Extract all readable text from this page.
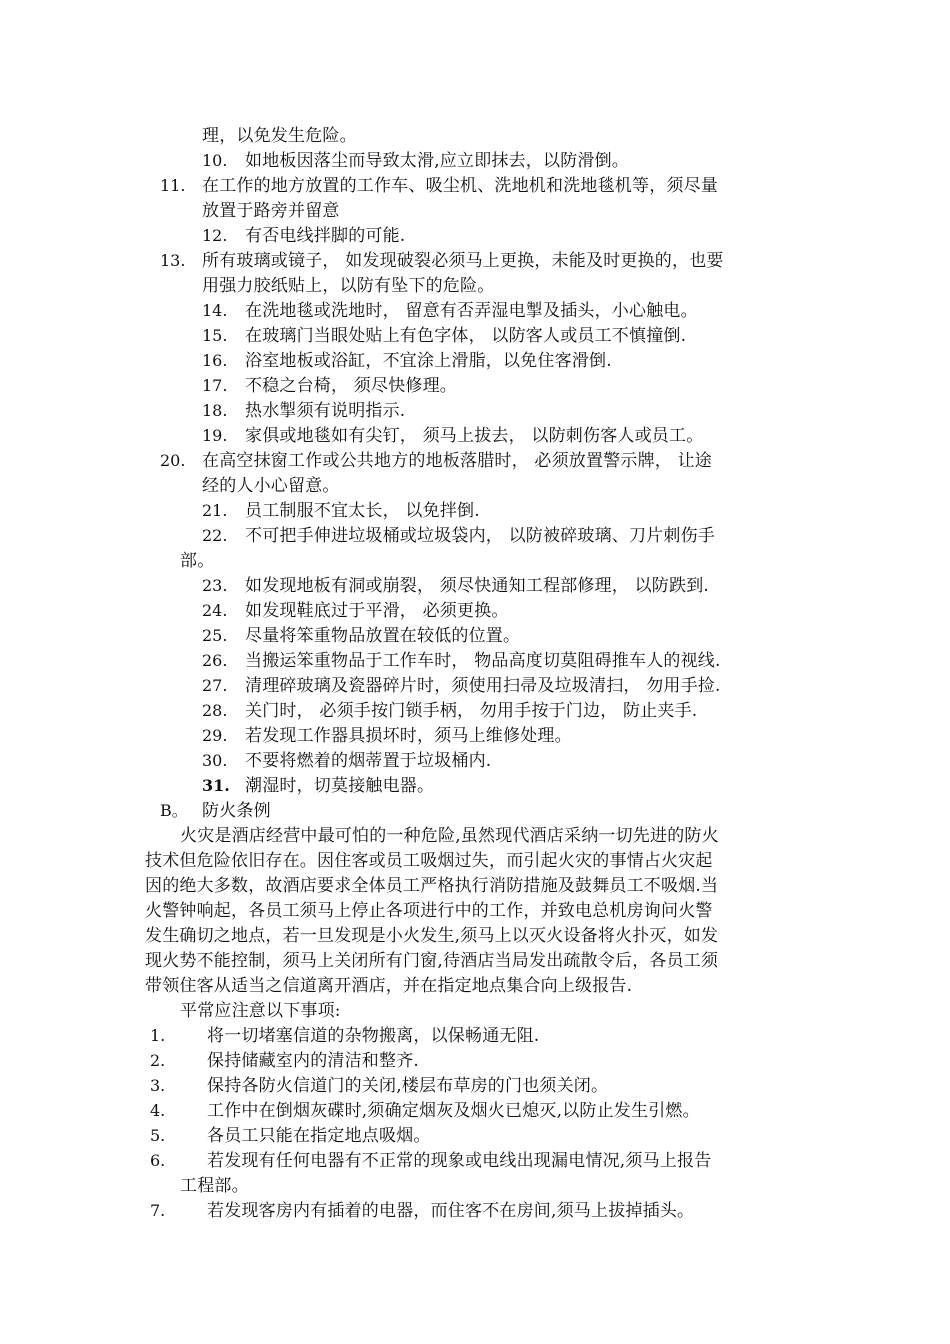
理，以免发生危险。
10. 如地板因落尘而导致太滑,应立即抹去，以防滑倒。
11. 在工作的地方放置的工作车、吸尘机、洗地机和洗地毯机等，须尽量
放置于路旁并留意
12. 有否电线拌脚的可能.
13. 所有玻璃或镜子， 如发现破裂必须马上更换，未能及时更换的，也要
用强力胶纸贴上，以防有坠下的危险。
14. 在洗地毯或洗地时， 留意有否弄湿电掣及插头，小心触电。
15. 在玻璃门当眼处贴上有色字体， 以防客人或员工不慎撞倒.
16. 浴室地板或浴缸，不宜涂上滑脂，以免住客滑倒.
17. 不稳之台椅， 须尽快修理。
18. 热水掣须有说明指示.
19. 家俱或地毯如有尖钉， 须马上拔去， 以防刺伤客人或员工。
20. 在高空抹窗工作或公共地方的地板落腊时， 必须放置警示牌， 让途
经的人小心留意。
21. 员工制服不宜太长， 以免拌倒.
22. 不可把手伸进垃圾桶或垃圾袋内， 以防被碎玻璃、刀片刺伤手
部。
23. 如发现地板有洞或崩裂， 须尽快通知工程部修理， 以防跌到.
24. 如发现鞋底过于平滑， 必须更换。
25. 尽量将笨重物品放置在较低的位置。
26. 当搬运笨重物品于工作车时， 物品高度切莫阻碍推车人的视线.
27. 清理碎玻璃及瓷器碎片时，须使用扫帚及垃圾清扫， 勿用手捡.
28. 关门时， 必须手按门锁手柄， 勿用手按于门边， 防止夹手.
29. 若发现工作器具损坏时，须马上维修处理。
30. 不要将燃着的烟蒂置于垃圾桶内.
31. 潮湿时，切莫接触电器。
B。 防火条例
火灾是酒店经营中最可怕的一种危险,虽然现代酒店采纳一切先进的防火
技术但危险依旧存在。因住客或员工吸烟过失，而引起火灾的事情占火灾起
因的绝大多数，故酒店要求全体员工严格执行消防措施及鼓舞员工不吸烟.当
火警钟响起，各员工须马上停止各项进行中的工作，并致电总机房询问火警
发生确切之地点，若一旦发现是小火发生,须马上以灭火设备将火扑灭，如发
现火势不能控制，须马上关闭所有门窗,待酒店当局发出疏散令后，各员工须
带领住客从适当之信道离开酒店，并在指定地点集合向上级报告.
平常应注意以下事项:
1. 将一切堵塞信道的杂物搬离，以保畅通无阻.
2. 保持储藏室内的清洁和整齐.
3. 保持各防火信道门的关闭,楼层布草房的门也须关闭。
4. 工作中在倒烟灰碟时,须确定烟灰及烟火已熄灭,以防止发生引燃。
5. 各员工只能在指定地点吸烟。
6. 若发现有任何电器有不正常的现象或电线出现漏电情况,须马上报告
工程部。
7. 若发现客房内有插着的电器，而住客不在房间,须马上拔掉插头。
